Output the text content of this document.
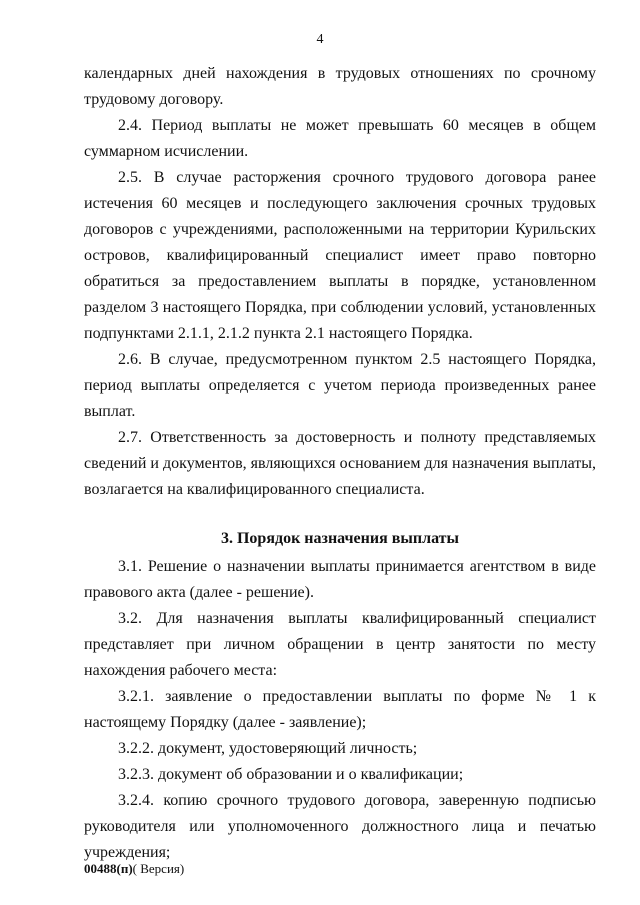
4

календарных дней нахождения в трудовых отношениях по срочному трудовому договору.

2.4. Период выплаты не может превышать 60 месяцев в общем суммарном исчислении.

2.5. В случае расторжения срочного трудового договора ранее истечения 60 месяцев и последующего заключения срочных трудовых договоров с учреждениями, расположенными на территории Курильских островов, квалифицированный специалист имеет право повторно обратиться за предоставлением выплаты в порядке, установленном разделом 3 настоящего Порядка, при соблюдении условий, установленных подпунктами 2.1.1, 2.1.2 пункта 2.1 настоящего Порядка.

2.6. В случае, предусмотренном пунктом 2.5 настоящего Порядка, период выплаты определяется с учетом периода произведенных ранее выплат.

2.7. Ответственность за достоверность и полноту представляемых сведений и документов, являющихся основанием для назначения выплаты, возлагается на квалифицированного специалиста.

3. Порядок назначения выплаты

3.1. Решение о назначении выплаты принимается агентством в виде правового акта (далее - решение).

3.2. Для назначения выплаты квалифицированный специалист представляет при личном обращении в центр занятости по месту нахождения рабочего места:

3.2.1. заявление о предоставлении выплаты по форме № 1 к настоящему Порядку (далее - заявление);

3.2.2. документ, удостоверяющий личность;

3.2.3. документ об образовании и о квалификации;

3.2.4. копию срочного трудового договора, заверенную подписью руководителя или уполномоченного должностного лица и печатью учреждения;

00488(п)( Версия)
